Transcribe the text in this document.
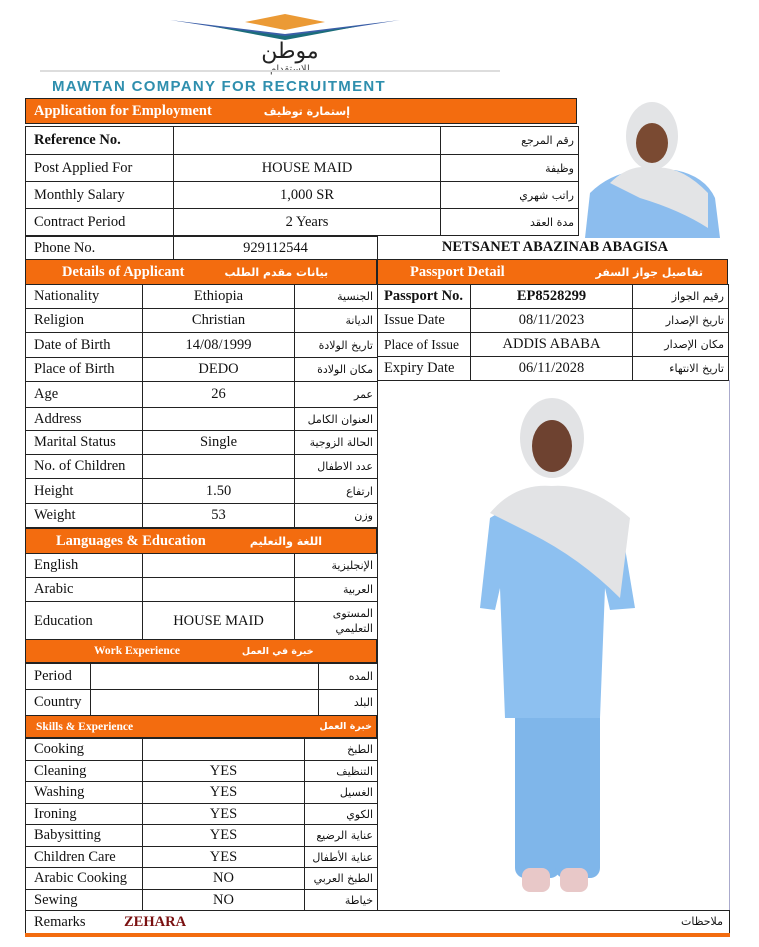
موطن
MAWTAN COMPANY FOR RECRUITMENT
Application for Employment	إستمارة توظيف
Reference No.		رقم المرجع
Post Applied For	HOUSE MAID	وظيفة
Monthly Salary	1,000 SR	راتب شهري
Contract Period	2 Years	مدة العقد
Phone No.	929112544	NETSANET ABAZINAB ABAGISA
Details of Applicant	بيانات مقدم الطلب
Nationality	Ethiopia	الجنسية
Religion	Christian	الديانة
Date of Birth	14/08/1999	تاريخ الولادة
Place of Birth	DEDO	مكان الولادة
Age	26	عمر
Address		العنوان الكامل
Marital Status	Single	الحالة الزوجية
No. of Children		عدد الاطفال
Height	1.50	ارتفاع
Weight	53	وزن
Passport Detail	تفاصيل جواز السفر
Passport No.	EP8528299	رقيم الجواز
Issue Date	08/11/2023	تاريخ الإصدار
Place of Issue	ADDIS ABABA	مكان الإصدار
Expiry Date	06/11/2028	تاريخ الانتهاء
Languages & Education	اللغة والتعليم
English		الإنجليزية
Arabic		العربية
Education	HOUSE MAID	المستوى التعليمي
Work Experience	خبرة في العمل
Period		المده
Country		البلد
Skills & Experience	خبرة العمل
Cooking		الطبخ
Cleaning	YES	التنظيف
Washing	YES	الغسيل
Ironing	YES	الكوي
Babysitting	YES	عناية الرضيع
Children Care	YES	عناية الأطفال
Arabic Cooking	NO	الطبخ العربي
Sewing	NO	خياطة
Remarks	ZEHARA	ملاحظات
